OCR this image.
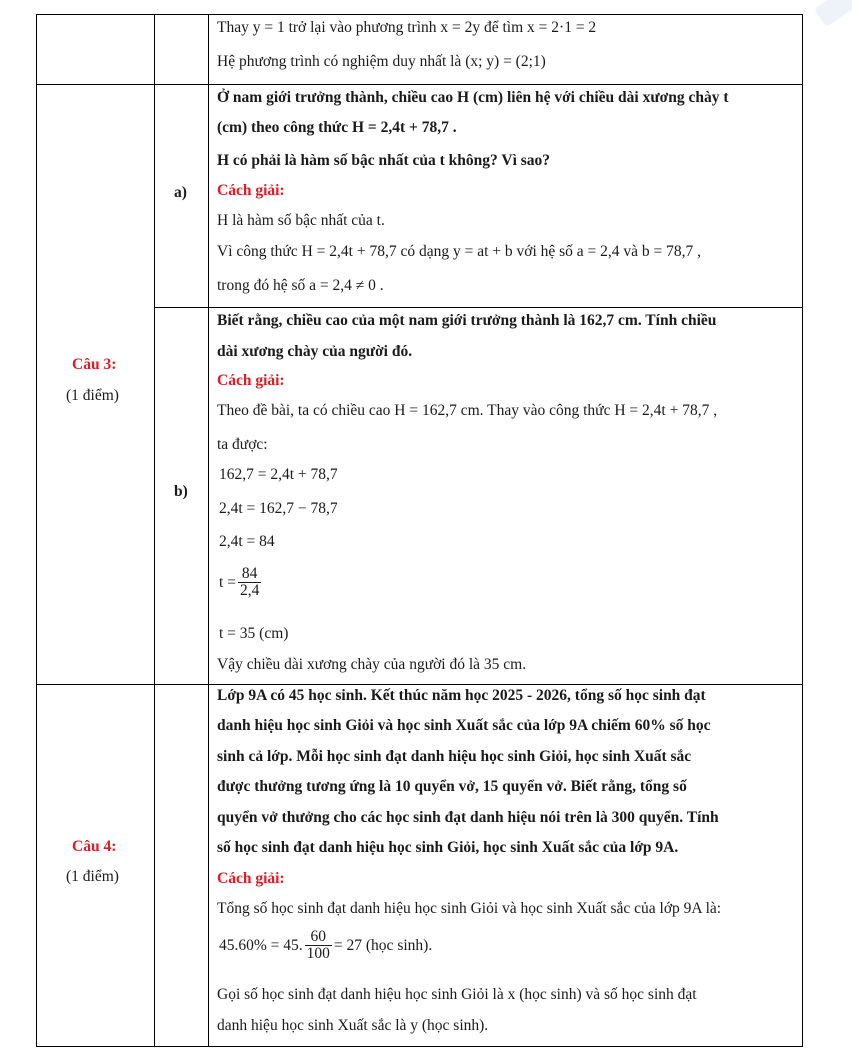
Thay y = 1 trở lại vào phương trình x = 2y để tìm x = 2·1 = 2
Hệ phương trình có nghiệm duy nhất là (x; y) = (2;1)
Câu 3:
(1 điểm)
a)
b)
Ở nam giới trưởng thành, chiều cao H (cm) liên hệ với chiều dài xương chày t
(cm) theo công thức H = 2,4t + 78,7 .
H có phải là hàm số bậc nhất của t không? Vì sao?
Cách giải:
H là hàm số bậc nhất của t.
Vì công thức H = 2,4t + 78,7 có dạng y = at + b với hệ số a = 2,4 và b = 78,7 ,
trong đó hệ số a = 2,4 ≠ 0 .
Biết rằng, chiều cao của một nam giới trưởng thành là 162,7 cm. Tính chiều
dài xương chày của người đó.
Cách giải:
Theo đề bài, ta có chiều cao H = 162,7 cm. Thay vào công thức H = 2,4t + 78,7 ,
ta được:
162,7 = 2,4t + 78,7
2,4t = 162,7 − 78,7
2,4t = 84
$t = \frac{84}{2,4}$
t = 35 (cm)
Vậy chiều dài xương chày của người đó là 35 cm.
Câu 4:
(1 điểm)
Lớp 9A có 45 học sinh. Kết thúc năm học 2025 - 2026, tổng số học sinh đạt
danh hiệu học sinh Giỏi và học sinh Xuất sắc của lớp 9A chiếm 60% số học
sinh cả lớp. Mỗi học sinh đạt danh hiệu học sinh Giỏi, học sinh Xuất sắc
được thưởng tương ứng là 10 quyển vở, 15 quyển vở. Biết rằng, tổng số
quyển vở thưởng cho các học sinh đạt danh hiệu nói trên là 300 quyển. Tính
số học sinh đạt danh hiệu học sinh Giỏi, học sinh Xuất sắc của lớp 9A.
Cách giải:
Tổng số học sinh đạt danh hiệu học sinh Giỏi và học sinh Xuất sắc của lớp 9A là:
45.60% = 45. $\frac{60}{100} = 27$ (học sinh).
Gọi số học sinh đạt danh hiệu học sinh Giỏi là x (học sinh) và số học sinh đạt
danh hiệu học sinh Xuất sắc là y (học sinh).
